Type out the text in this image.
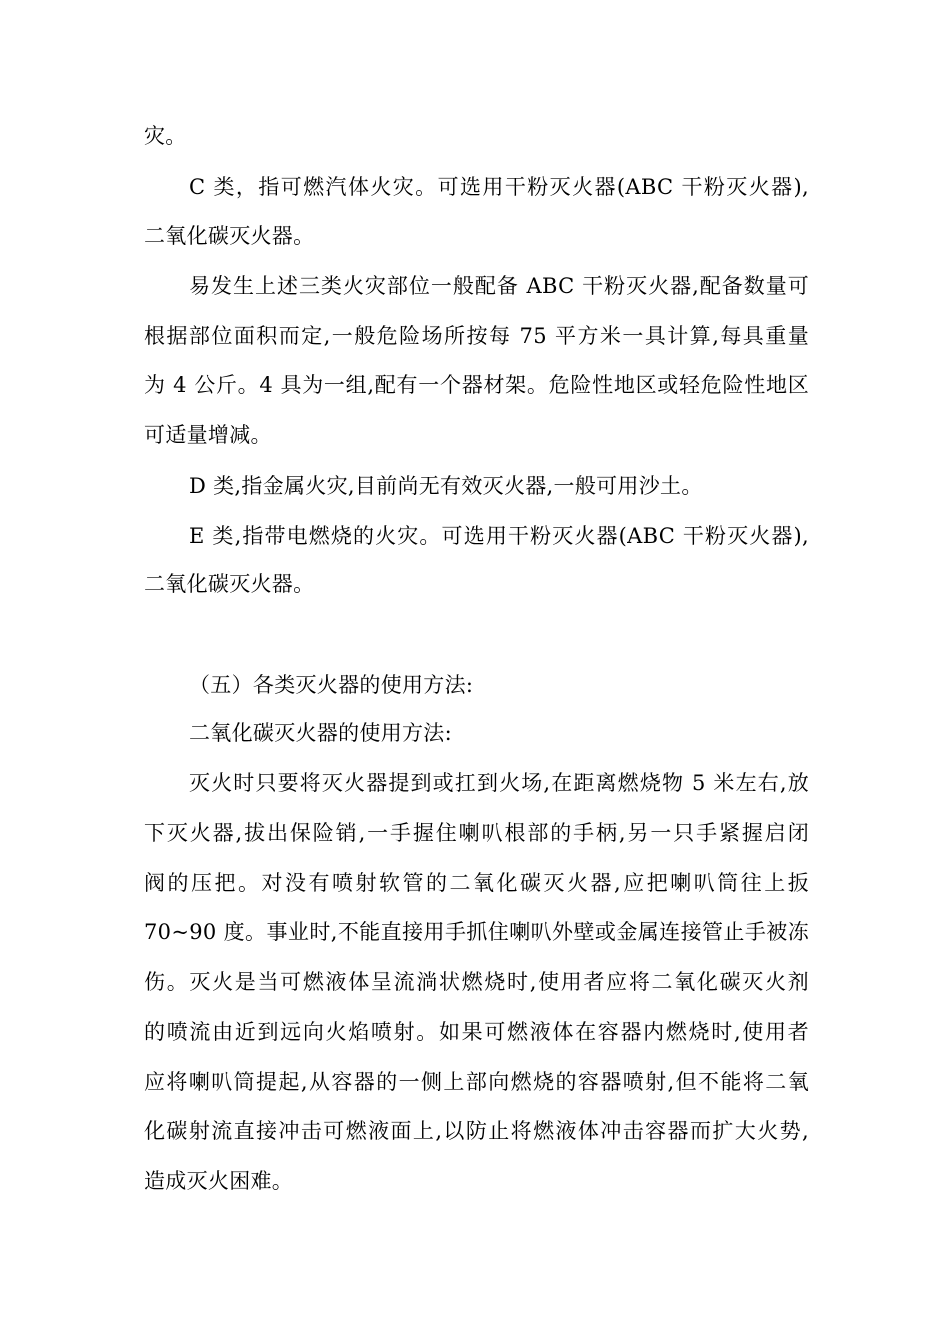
灾。
C 类，指可燃汽体火灾。可选用干粉灭火器(ABC 干粉灭火器),
二氧化碳灭火器。
易发生上述三类火灾部位一般配备 ABC 干粉灭火器,配备数量可
根据部位面积而定,一般危险场所按每 75 平方米一具计算,每具重量
为 4 公斤。4 具为一组,配有一个器材架。危险性地区或轻危险性地区
可适量增减。
D 类,指金属火灾,目前尚无有效灭火器,一般可用沙土。
E 类,指带电燃烧的火灾。可选用干粉灭火器(ABC 干粉灭火器),
二氧化碳灭火器。
（五）各类灭火器的使用方法:
二氧化碳灭火器的使用方法:
灭火时只要将灭火器提到或扛到火场,在距离燃烧物 5 米左右,放
下灭火器,拔出保险销,一手握住喇叭根部的手柄,另一只手紧握启闭
阀的压把。对没有喷射软管的二氧化碳灭火器,应把喇叭筒往上扳
70~90 度。事业时,不能直接用手抓住喇叭外壁或金属连接管止手被冻
伤。灭火是当可燃液体呈流淌状燃烧时,使用者应将二氧化碳灭火剂
的喷流由近到远向火焰喷射。如果可燃液体在容器内燃烧时,使用者
应将喇叭筒提起,从容器的一侧上部向燃烧的容器喷射,但不能将二氧
化碳射流直接冲击可燃液面上,以防止将燃液体冲击容器而扩大火势,
造成灭火困难。
